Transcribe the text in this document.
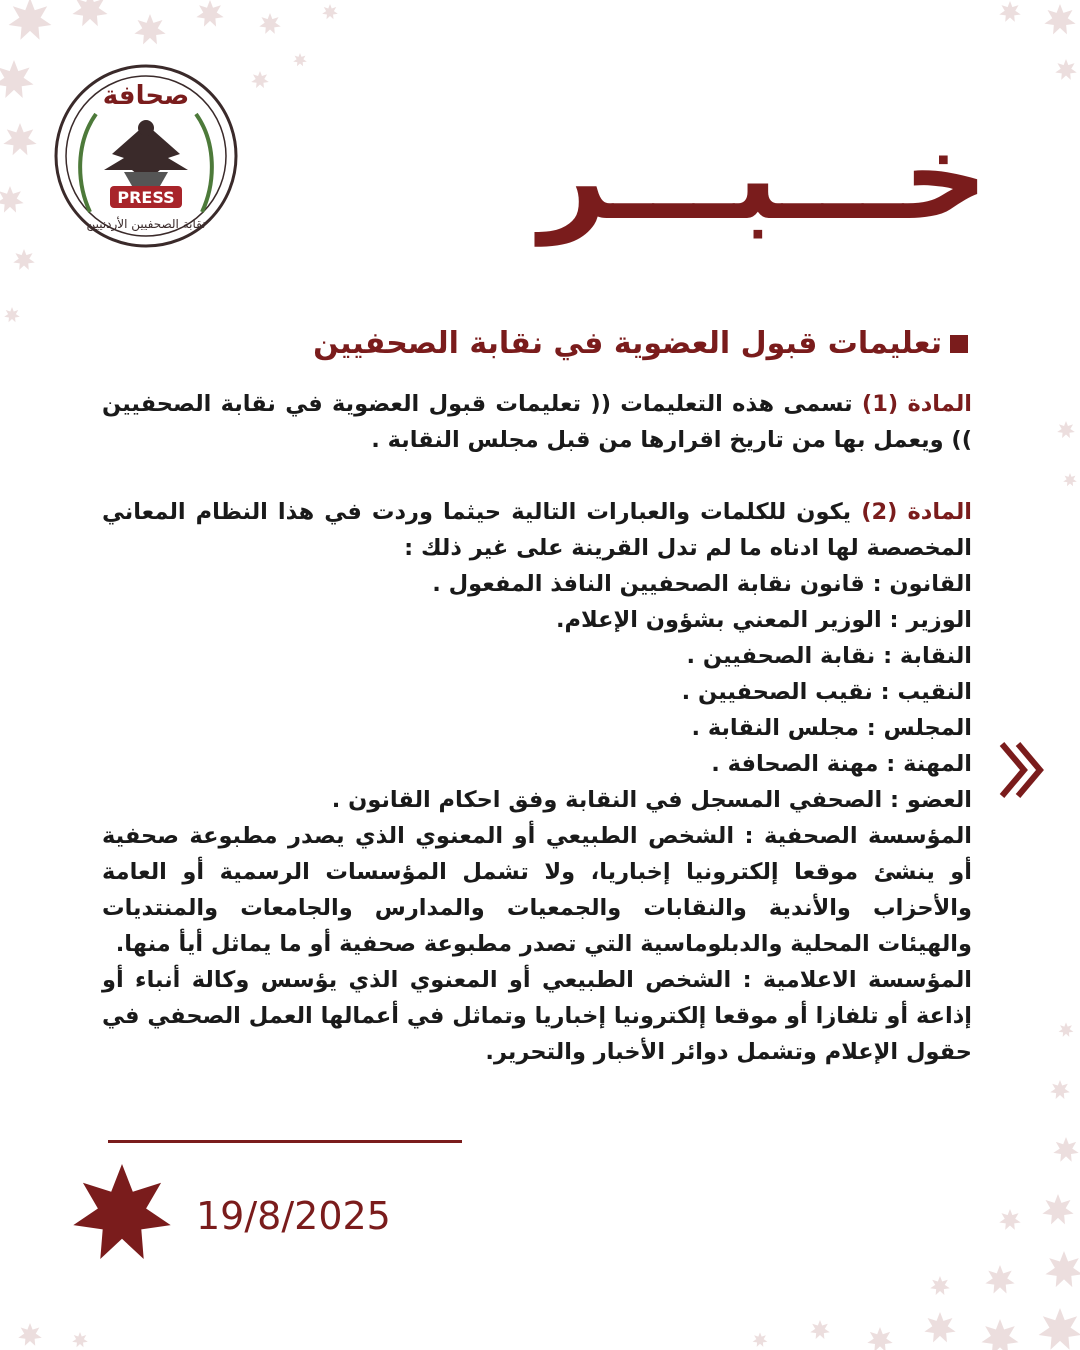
صحافة
PRESS
نقابة الصحفيين الأردنيين	خـــبـــر
تعليمات قبول العضوية في نقابة الصحفيين

المادة (1) تسمى هذه التعليمات (( تعليمات قبول العضوية في نقابة الصحفيين )) ويعمل بها من تاريخ اقرارها من قبل مجلس النقابة .

المادة (2) يكون للكلمات والعبارات التالية حيثما وردت في هذا النظام المعاني المخصصة لها ادناه ما لم تدل القرينة على غير ذلك :

القانون : قانون نقابة الصحفيين النافذ المفعول .

الوزير : الوزير المعني بشؤون الإعلام.

النقابة : نقابة الصحفيين .

النقيب : نقيب الصحفيين .

المجلس : مجلس النقابة .

المهنة : مهنة الصحافة .

العضو : الصحفي المسجل في النقابة وفق احكام القانون .

المؤسسة الصحفية : الشخص الطبيعي أو المعنوي الذي يصدر مطبوعة صحفية أو ينشئ موقعا إلكترونيا إخباريا، ولا تشمل المؤسسات الرسمية أو العامة والأحزاب والأندية والنقابات والجمعيات والمدارس والجامعات والمنتديات والهيئات المحلية والدبلوماسية التي تصدر مطبوعة صحفية أو ما يماثل أيأ منها.

المؤسسة الاعلامية : الشخص الطبيعي أو المعنوي الذي يؤسس وكالة أنباء أو إذاعة أو تلفازا أو موقعا إلكترونيا إخباريا وتماثل في أعمالها العمل الصحفي في حقول الإعلام وتشمل دوائر الأخبار والتحرير.

19/8/2025
